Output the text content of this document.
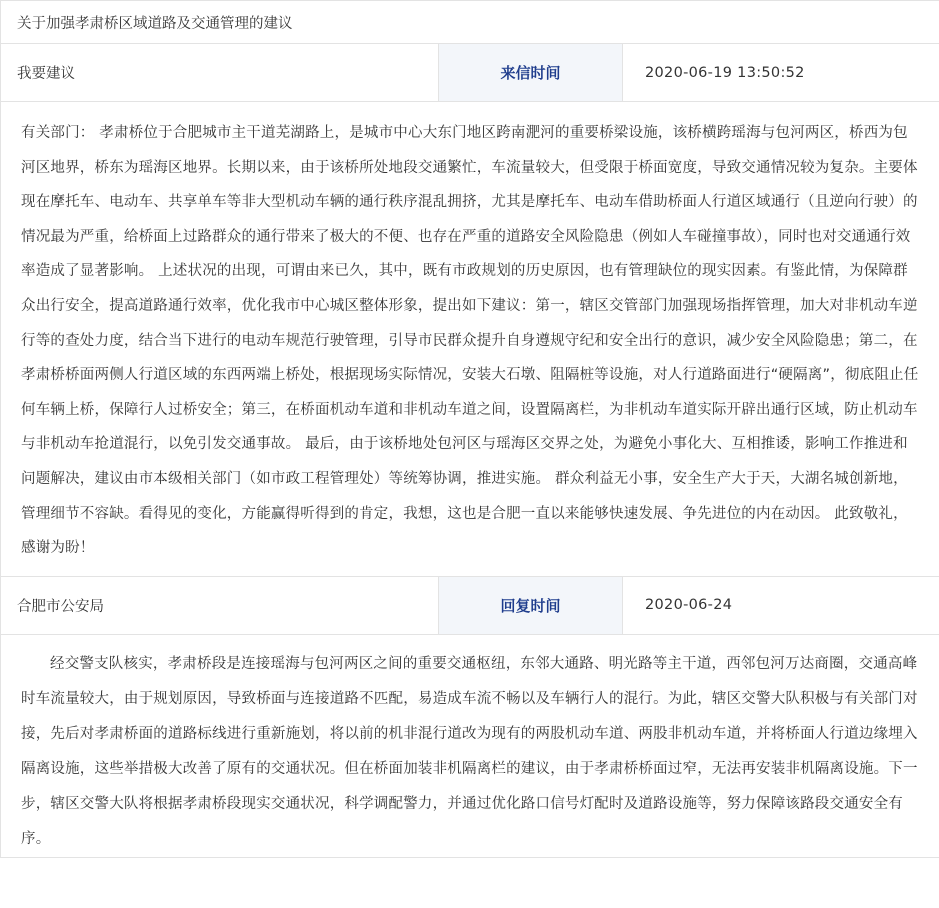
关于加强孝肃桥区域道路及交通管理的建议		
我要建议	来信时间	2020-06-19 13:50:52
有关部门： 孝肃桥位于合肥城市主干道芜湖路上，是城市中心大东门地区跨南淝河的重要桥梁设施，该桥横跨瑶海与包河两区，桥西为包河区地界，桥东为瑶海区地界。长期以来，由于该桥所处地段交通繁忙，车流量较大，但受限于桥面宽度，导致交通情况较为复杂。主要体现在摩托车、电动车、共享单车等非大型机动车辆的通行秩序混乱拥挤，尤其是摩托车、电动车借助桥面人行道区域通行（且逆向行驶）的情况最为严重，给桥面上过路群众的通行带来了极大的不便、也存在严重的道路安全风险隐患（例如人车碰撞事故），同时也对交通通行效率造成了显著影响。 上述状况的出现，可谓由来已久，其中，既有市政规划的历史原因，也有管理缺位的现实因素。有鉴此情，为保障群众出行安全，提高道路通行效率，优化我市中心城区整体形象，提出如下建议：第一，辖区交管部门加强现场指挥管理，加大对非机动车逆行等的查处力度，结合当下进行的电动车规范行驶管理，引导市民群众提升自身遵规守纪和安全出行的意识，减少安全风险隐患；第二，在孝肃桥桥面两侧人行道区域的东西两端上桥处，根据现场实际情况，安装大石墩、阻隔桩等设施，对人行道路面进行“硬隔离”，彻底阻止任何车辆上桥，保障行人过桥安全；第三，在桥面机动车道和非机动车道之间，设置隔离栏，为非机动车道实际开辟出通行区域，防止机动车与非机动车抢道混行，以免引发交通事故。 最后，由于该桥地处包河区与瑶海区交界之处，为避免小事化大、互相推诿，影响工作推进和问题解决，建议由市本级相关部门（如市政工程管理处）等统筹协调，推进实施。 群众利益无小事，安全生产大于天，大湖名城创新地，管理细节不容缺。看得见的变化，方能赢得听得到的肯定，我想，这也是合肥一直以来能够快速发展、争先进位的内在动因。 此致敬礼，感谢为盼！		
合肥市公安局	回复时间	2020-06-24
经交警支队核实，孝肃桥段是连接瑶海与包河两区之间的重要交通枢纽，东邻大通路、明光路等主干道，西邻包河万达商圈，交通高峰时车流量较大，由于规划原因，导致桥面与连接道路不匹配，易造成车流不畅以及车辆行人的混行。为此，辖区交警大队积极与有关部门对接，先后对孝肃桥面的道路标线进行重新施划，将以前的机非混行道改为现有的两股机动车道、两股非机动车道，并将桥面人行道边缘埋入隔离设施，这些举措极大改善了原有的交通状况。但在桥面加装非机隔离栏的建议，由于孝肃桥桥面过窄，无法再安装非机隔离设施。下一步，辖区交警大队将根据孝肃桥段现实交通状况，科学调配警力，并通过优化路口信号灯配时及道路设施等，努力保障该路段交通安全有序。		
